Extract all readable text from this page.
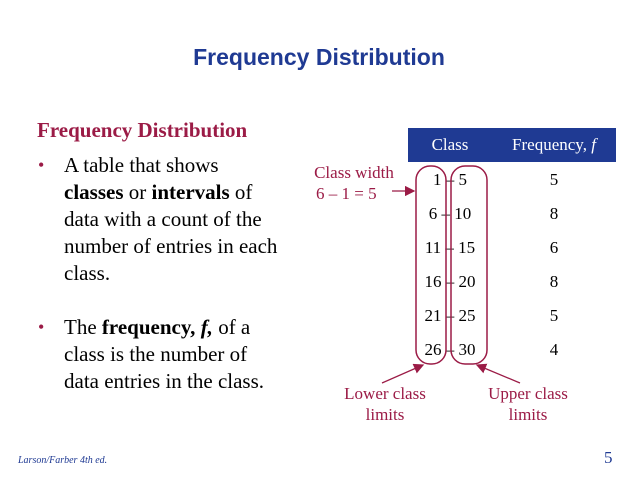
Frequency Distribution
Frequency Distribution
• A table that shows
classes or intervals of
data with a count of the
number of entries in each
class.
• The frequency, f, of a
class is the number of
data entries in the class.
Class	Frequency, f
1 – 5	5
6 – 10	8
11 – 15	6
16 – 20	8
21 – 25	5
26 – 30	4
Class width
6 – 1 = 5
Lower class
limits
Upper class
limits
Larson/Farber 4th ed.	5
